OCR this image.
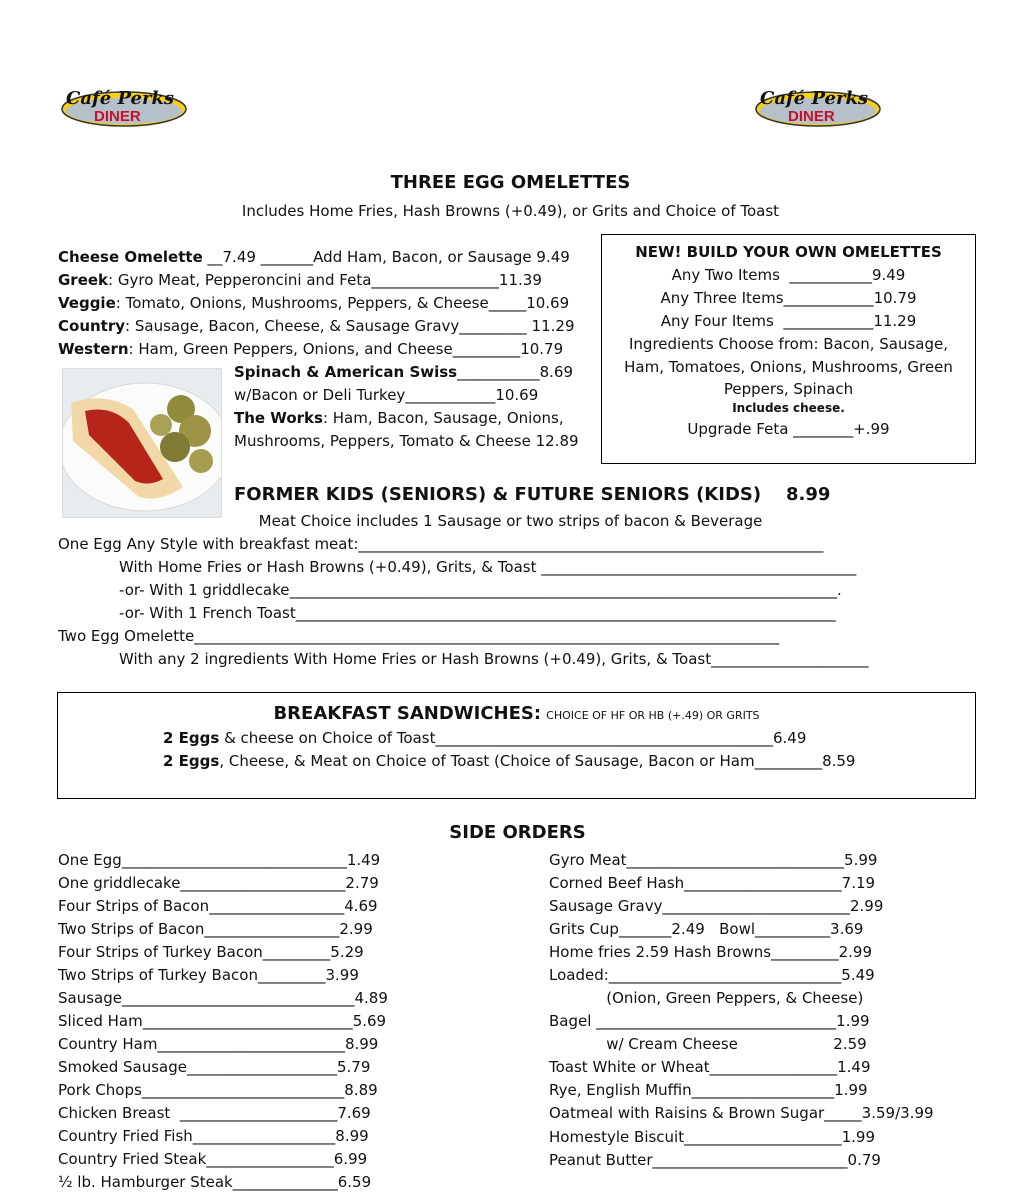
Café Perks
DINER
Café Perks
DINER
THREE EGG OMELETTES
Includes Home Fries, Hash Browns (+0.49), or Grits and Choice of Toast
Cheese Omelette __7.49 _______Add Ham, Bacon, or Sausage 9.49
Greek: Gyro Meat, Pepperoncini and Feta_________________11.39
Veggie: Tomato, Onions, Mushrooms, Peppers, & Cheese_____10.69
Country: Sausage, Bacon, Cheese, & Sausage Gravy_________ 11.29
Western: Ham, Green Peppers, Onions, and Cheese_________10.79
Spinach & American Swiss___________8.69
w/Bacon or Deli Turkey____________10.69
The Works: Ham, Bacon, Sausage, Onions,
Mushrooms, Peppers, Tomato & Cheese 12.89
NEW! BUILD YOUR OWN OMELETTES
Any Two Items  ___________9.49
Any Three Items____________10.79
Any Four Items  ____________11.29
Ingredients Choose from: Bacon, Sausage,
Ham, Tomatoes, Onions, Mushrooms, Green
Peppers, Spinach
Includes cheese.
Upgrade Feta ________+.99
FORMER KIDS (SENIORS) & FUTURE SENIORS (KIDS) 8.99
Meat Choice includes 1 Sausage or two strips of bacon & Beverage
One Egg Any Style with breakfast meat:______________________________________________________________
With Home Fries or Hash Browns (+0.49), Grits, & Toast __________________________________________
-or- With 1 griddlecake_________________________________________________________________________.
-or- With 1 French Toast________________________________________________________________________
Two Egg Omelette______________________________________________________________________________
With any 2 ingredients With Home Fries or Hash Browns (+0.49), Grits, & Toast_____________________
BREAKFAST SANDWICHES: CHOICE OF HF OR HB (+.49) OR GRITS
2 Eggs & cheese on Choice of Toast_____________________________________________6.49
2 Eggs, Cheese, & Meat on Choice of Toast (Choice of Sausage, Bacon or Ham_________8.59
SIDE ORDERS
One Egg______________________________1.49
One griddlecake______________________2.79
Four Strips of Bacon__________________4.69
Two Strips of Bacon__________________2.99
Four Strips of Turkey Bacon_________5.29
Two Strips of Turkey Bacon_________3.99
Sausage_______________________________4.89
Sliced Ham____________________________5.69
Country Ham_________________________8.99
Smoked Sausage____________________5.79
Pork Chops___________________________8.89
Chicken Breast  _____________________7.69
Country Fried Fish___________________8.99
Country Fried Steak_________________6.99
½ lb. Hamburger Steak______________6.59
Gyro Meat_____________________________5.99
Corned Beef Hash_____________________7.19
Sausage Gravy_________________________2.99
Grits Cup_______2.49   Bowl__________3.69
Home fries 2.59 Hash Browns_________2.99
Loaded:_______________________________5.49
(Onion, Green Peppers, & Cheese)
Bagel ________________________________1.99
w/ Cream Cheese                    2.59
Toast White or Wheat_________________1.49
Rye, English Muffin___________________1.99
Oatmeal with Raisins & Brown Sugar_____3.59/3.99
Homestyle Biscuit_____________________1.99
Peanut Butter__________________________0.79
